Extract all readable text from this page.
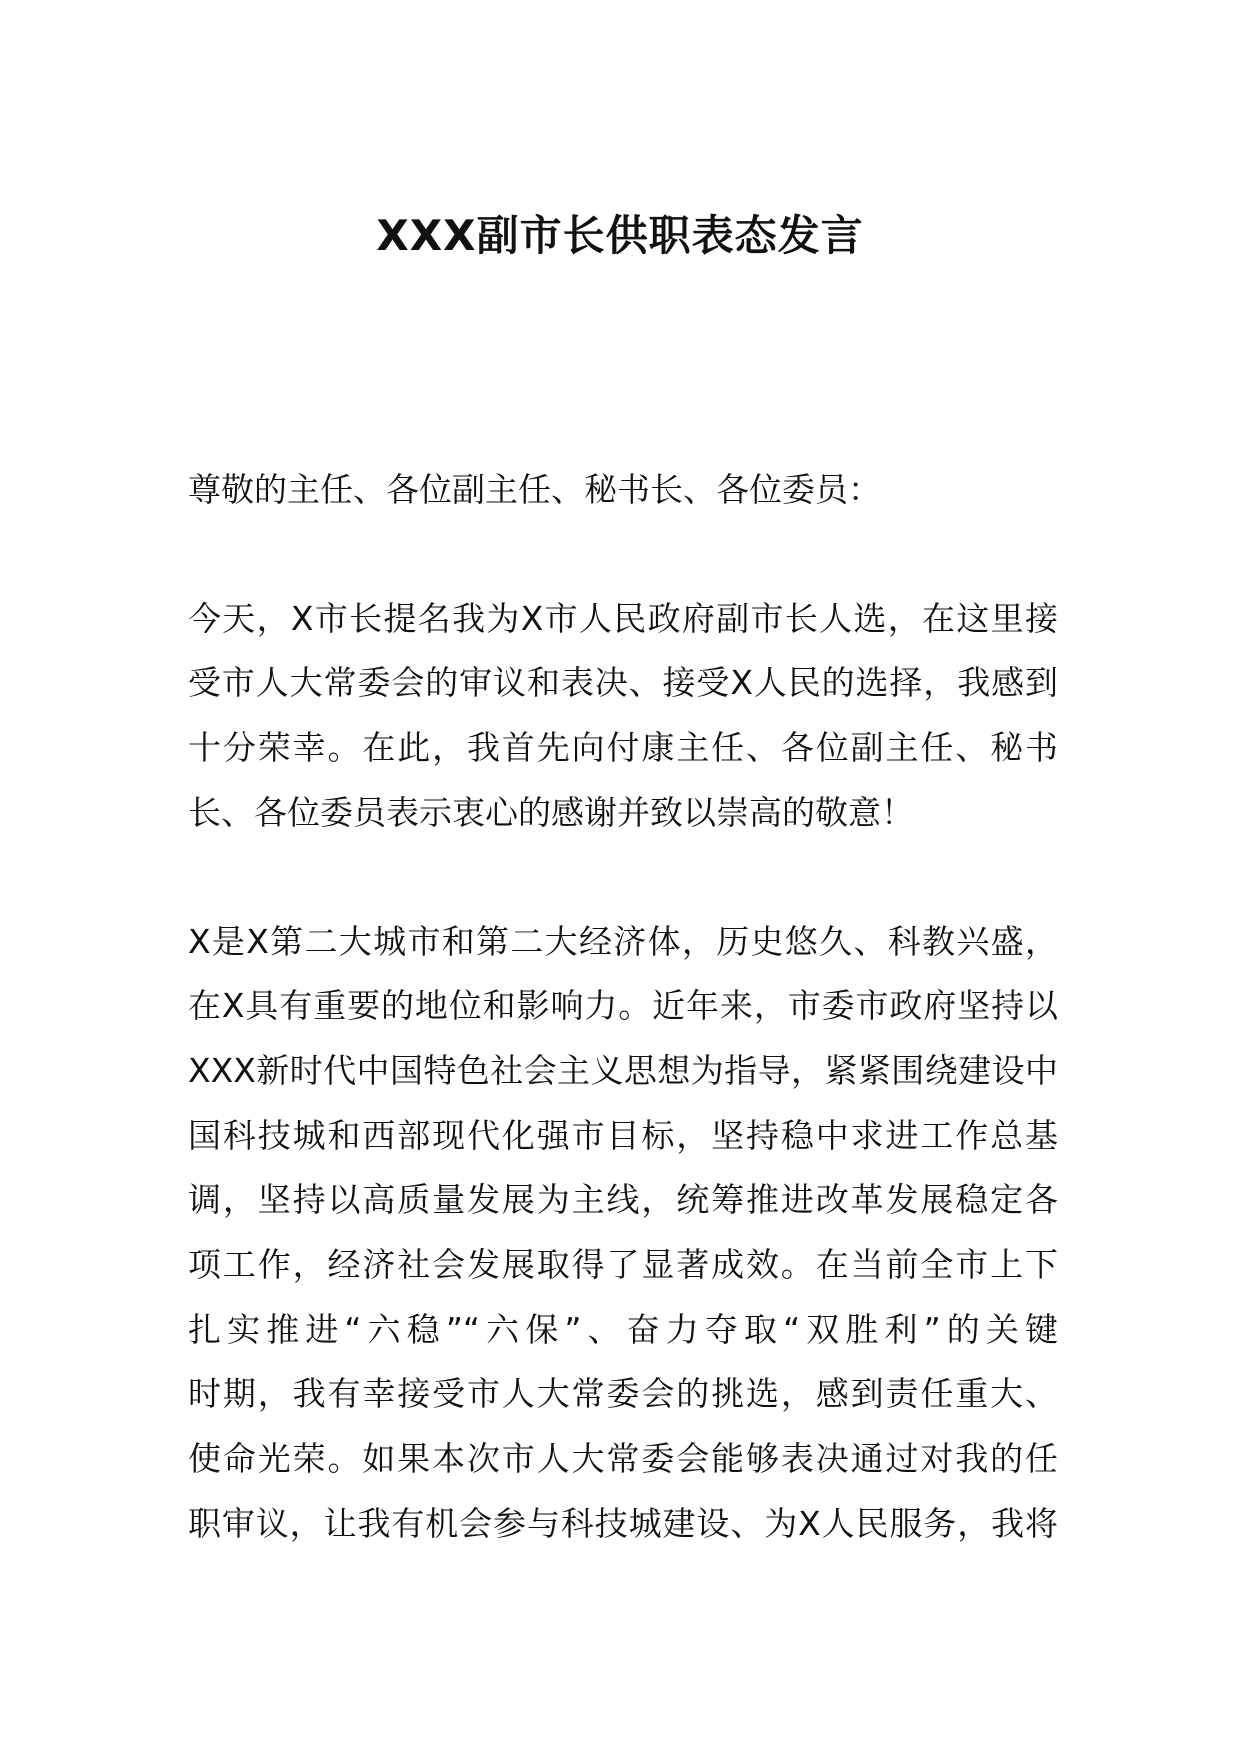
XXX副市长供职表态发言

尊敬的主任、各位副主任、秘书长、各位委员：

今天，X市长提名我为X市人民政府副市长人选，在这里接
受市人大常委会的审议和表决、接受X人民的选择，我感到
十分荣幸。在此，我首先向付康主任、各位副主任、秘书
长、各位委员表示衷心的感谢并致以崇高的敬意！

X是X第二大城市和第二大经济体，历史悠久、科教兴盛，
在X具有重要的地位和影响力。近年来，市委市政府坚持以
XXX新时代中国特色社会主义思想为指导，紧紧围绕建设中
国科技城和西部现代化强市目标，坚持稳中求进工作总基
调，坚持以高质量发展为主线，统筹推进改革发展稳定各
项工作，经济社会发展取得了显著成效。在当前全市上下
扎实推进“六稳”“六保”、奋力夺取“双胜利”的关键
时期，我有幸接受市人大常委会的挑选，感到责任重大、
使命光荣。如果本次市人大常委会能够表决通过对我的任
职审议，让我有机会参与科技城建设、为X人民服务，我将
